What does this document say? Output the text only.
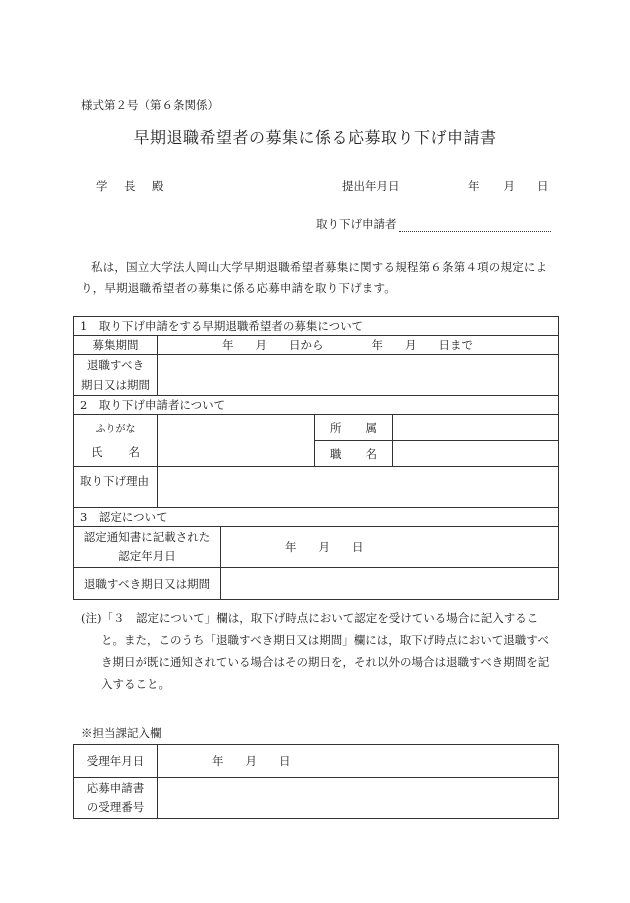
様式第２号（第６条関係）
早期退職希望者の募集に係る応募取り下げ申請書
学 長 殿	提出年月日	年 月 日
取り下げ申請者
私は，国立大学法人岡山大学早期退職希望者募集に関する規程第６条第４項の規定により，早期退職希望者の募集に係る応募申請を取り下げます。
1　取り下げ申請をする早期退職希望者の募集について				
募集期間	年 月 日から 年 月 日まで			

退職すべき
期日又は期間				

2　取り下げ申請者について				

ふりがな
氏 名			所 属	
			職 名	
取り下げ理由				
3　認定について				

認定通知書に記載された
認定年月日		年 月 日		
退職すべき期日又は期間				
(注)「３　認定について」欄は，取下げ時点において認定を受けている場合に記入すること。また，このうち「退職すべき期日又は期間」欄には，取下げ時点において退職すべき期日が既に通知されている場合はその期日を，それ以外の場合は退職すべき期間を記入すること。
※担当課記入欄
受理年月日	年 月 日

応募申請書
の受理番号	
